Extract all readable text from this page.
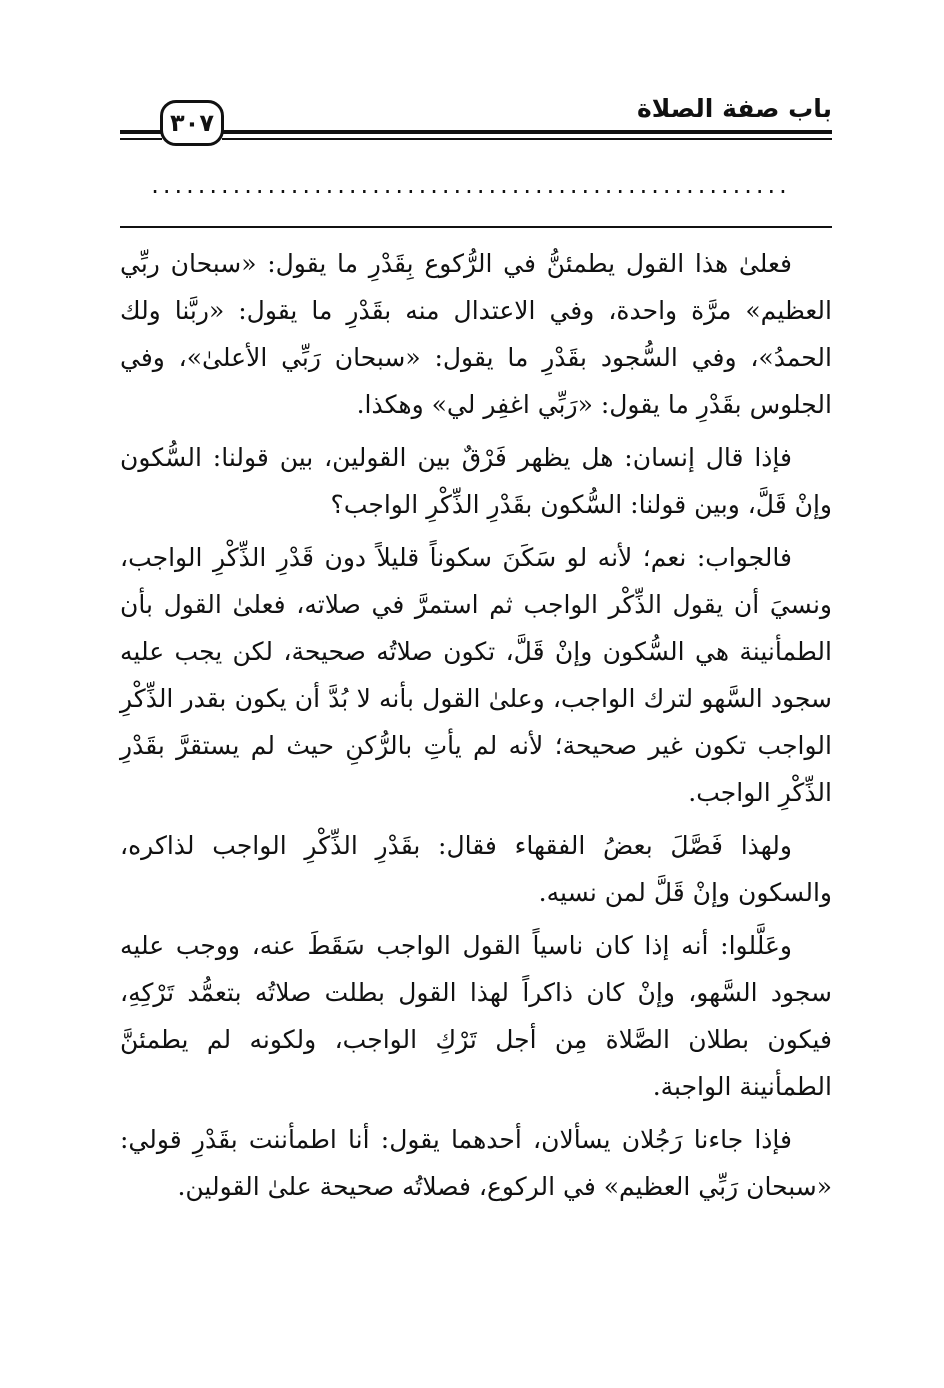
باب صفة الصلاة
٣٠٧
.......................................................

فعلىٰ هذا القول يطمئنُّ في الرُّكوع بِقَدْرِ ما يقول: «سبحان ربِّي العظيم» مرَّة واحدة، وفي الاعتدال منه بقَدْرِ ما يقول: «ربَّنا ولك الحمدُ»، وفي السُّجود بقَدْرِ ما يقول: «سبحان رَبِّي الأعلىٰ»، وفي الجلوس بقَدْرِ ما يقول: «رَبِّي اغفِر لي» وهكذا.

فإذا قال إنسان: هل يظهر فَرْقٌ بين القولين، بين قولنا: السُّكون وإنْ قَلَّ، وبين قولنا: السُّكون بقَدْرِ الذِّكْرِ الواجب؟

فالجواب: نعم؛ لأنه لو سَكَنَ سكوناً قليلاً دون قَدْرِ الذِّكْرِ الواجب، ونسيَ أن يقول الذِّكْر الواجب ثم استمرَّ في صلاته، فعلىٰ القول بأن الطمأنينة هي السُّكون وإنْ قَلَّ، تكون صلاتُه صحيحة، لكن يجب عليه سجود السَّهو لترك الواجب، وعلىٰ القول بأنه لا بُدَّ أن يكون بقدر الذِّكْرِ الواجب تكون غير صحيحة؛ لأنه لم يأتِ بالرُّكنِ حيث لم يستقرَّ بقَدْرِ الذِّكْرِ الواجب.

ولهذا فَصَّلَ بعضُ الفقهاء فقال: بقَدْرِ الذِّكْرِ الواجب لذاكره، والسكون وإنْ قَلَّ لمن نسيه.

وعَلَّلوا: أنه إذا كان ناسياً القول الواجب سَقَطَ عنه، ووجب عليه سجود السَّهو، وإنْ كان ذاكراً لهذا القول بطلت صلاتُه بتعمُّد تَرْكِهِ، فيكون بطلان الصَّلاة مِن أجل تَرْكِ الواجب، ولكونه لم يطمئنَّ الطمأنينة الواجبة.

فإذا جاءنا رَجُلان يسألان، أحدهما يقول: أنا اطمأننت بقَدْرِ قولي: «سبحان رَبِّي العظيم» في الركوع، فصلاتُه صحيحة علىٰ القولين.
